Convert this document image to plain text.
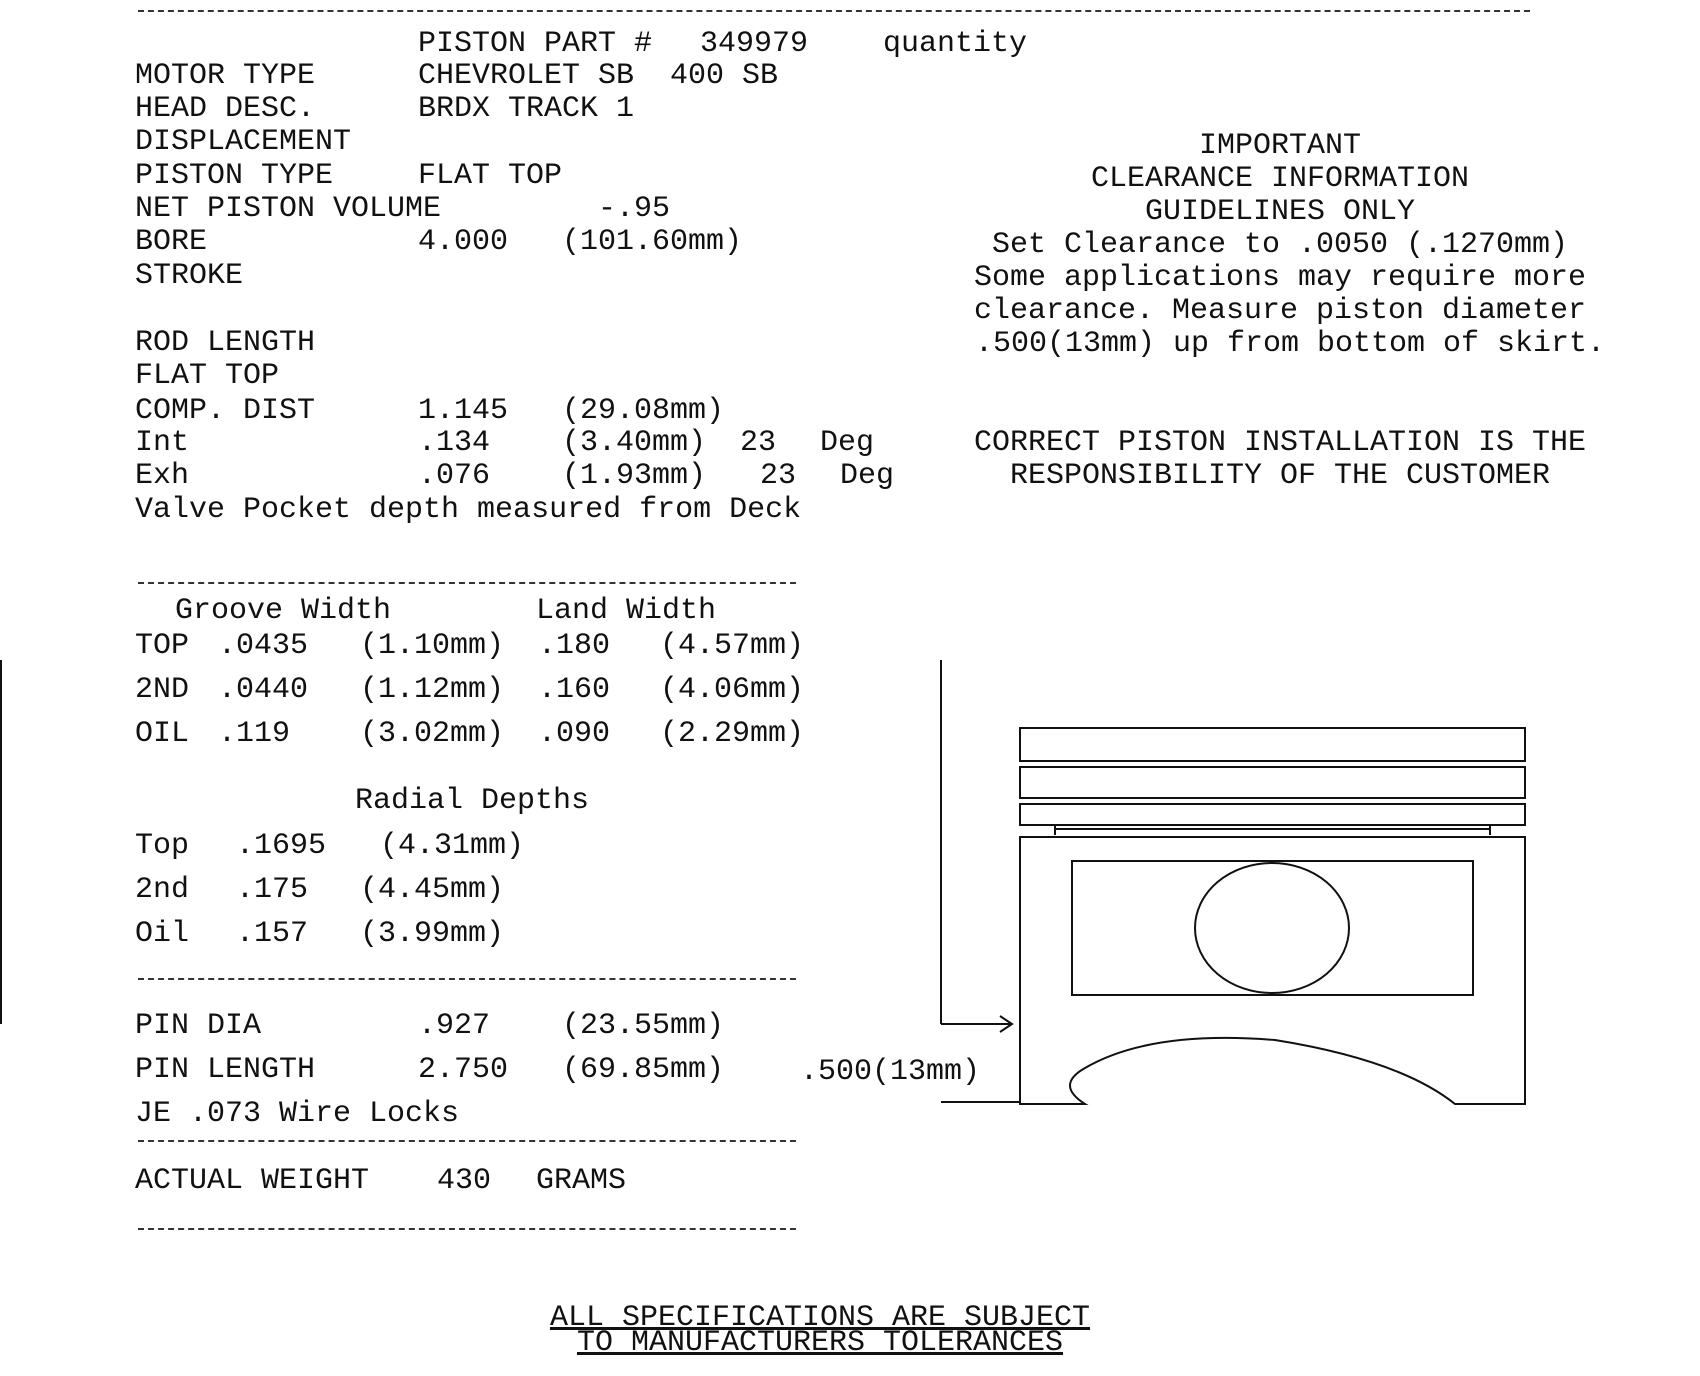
PISTON PART # 349979 quantity
MOTOR TYPE	CHEVROLET SB  400 SB
HEAD DESC.	BRDX TRACK 1
DISPLACEMENT
PISTON TYPE	FLAT TOP
NET PISTON VOLUME	-.95
BORE	4.000 (101.60mm)
STROKE
ROD LENGTH
FLAT TOP
COMP. DIST	1.145 (29.08mm)
Int	.134 (3.40mm) 23 Deg
Exh	.076 (1.93mm) 23 Deg
Valve Pocket depth measured from Deck
Groove Width	Land Width
TOP .0435 (1.10mm) .180 (4.57mm)
2ND .0440 (1.12mm) .160 (4.06mm)
OIL .119 (3.02mm) .090 (2.29mm)
Radial Depths
Top .1695 (4.31mm)
2nd .175 (4.45mm)
Oil .157 (3.99mm)
PIN DIA	.927 (23.55mm)
PIN LENGTH	2.750 (69.85mm)
JE .073 Wire Locks
ACTUAL WEIGHT 430 GRAMS
IMPORTANT
CLEARANCE INFORMATION
GUIDELINES ONLY
Set Clearance to .0050 (.1270mm)
Some applications may require more
clearance. Measure piston diameter
.500(13mm) up from bottom of skirt.
CORRECT PISTON INSTALLATION IS THE
RESPONSIBILITY OF THE CUSTOMER
.500(13mm)
ALL SPECIFICATIONS ARE SUBJECT
TO MANUFACTURERS TOLERANCES
